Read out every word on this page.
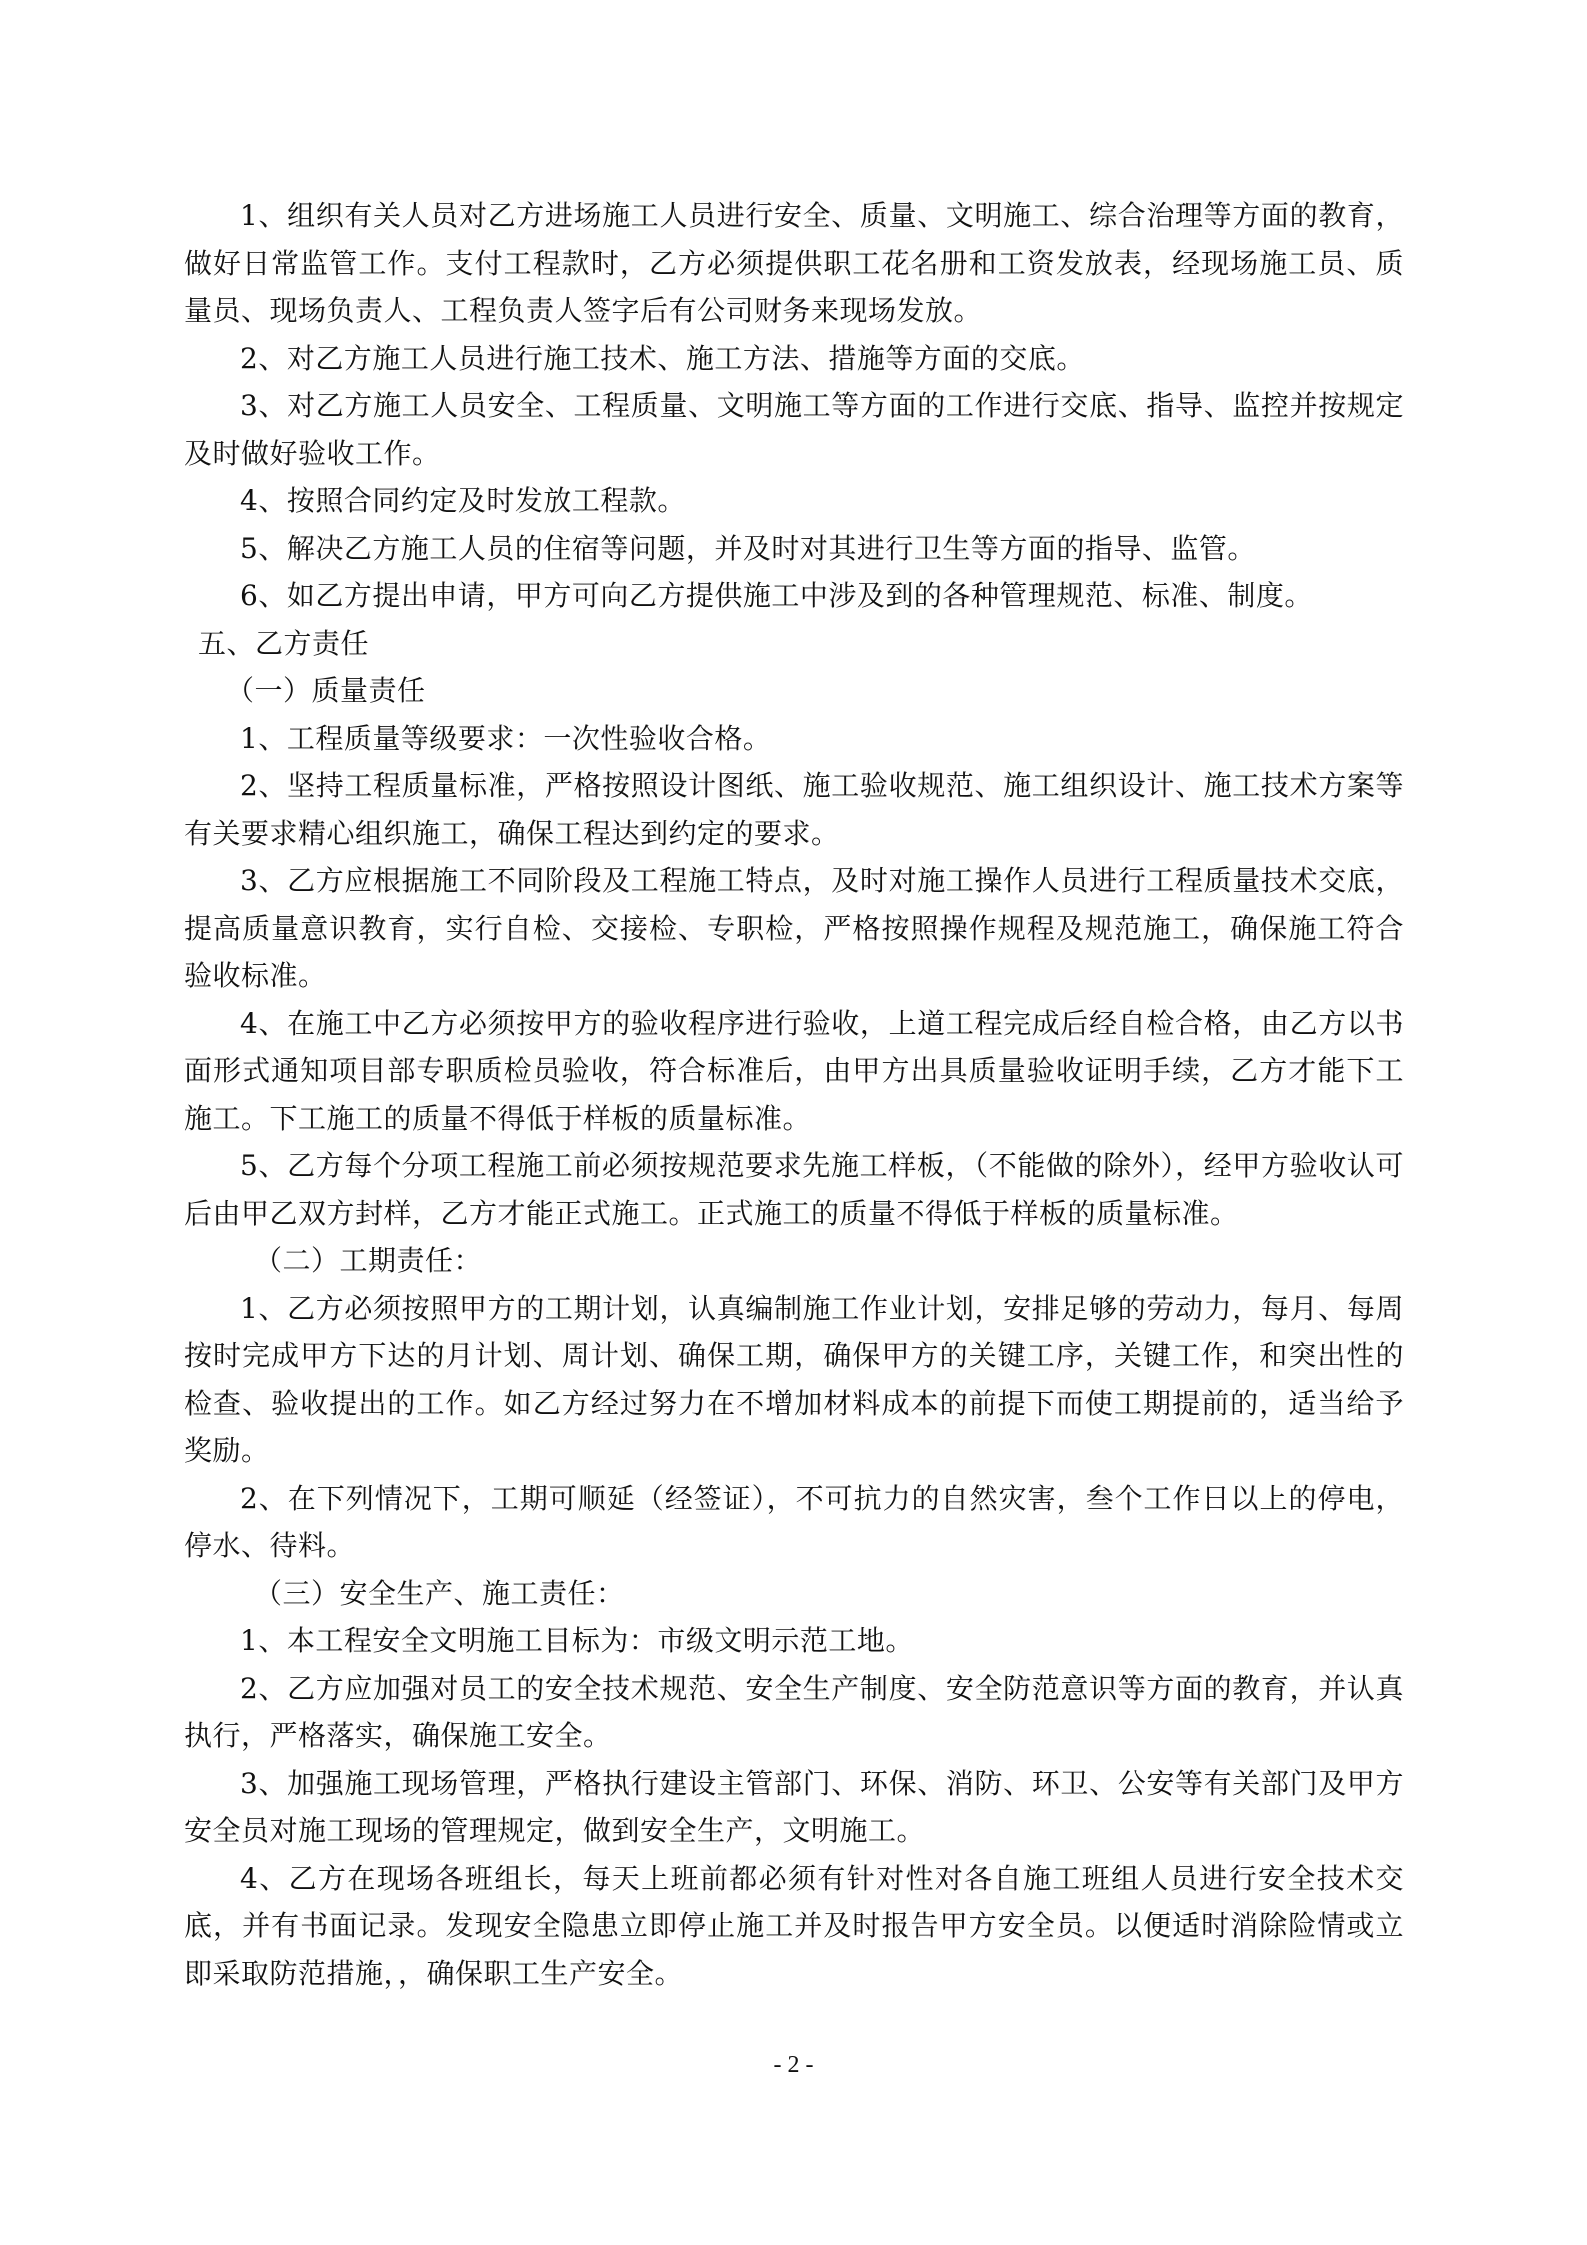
1、组织有关人员对乙方进场施工人员进行安全、质量、文明施工、综合治理等方面的教育，做好日常监管工作。支付工程款时，乙方必须提供职工花名册和工资发放表，经现场施工员、质量员、现场负责人、工程负责人签字后有公司财务来现场发放。

2、对乙方施工人员进行施工技术、施工方法、措施等方面的交底。

3、对乙方施工人员安全、工程质量、文明施工等方面的工作进行交底、指导、监控并按规定及时做好验收工作。

4、按照合同约定及时发放工程款。

5、解决乙方施工人员的住宿等问题，并及时对其进行卫生等方面的指导、监管。

6、如乙方提出申请，甲方可向乙方提供施工中涉及到的各种管理规范、标准、制度。

五、乙方责任

（一）质量责任

1、工程质量等级要求：一次性验收合格。

2、坚持工程质量标准，严格按照设计图纸、施工验收规范、施工组织设计、施工技术方案等有关要求精心组织施工，确保工程达到约定的要求。

3、乙方应根据施工不同阶段及工程施工特点，及时对施工操作人员进行工程质量技术交底，提高质量意识教育，实行自检、交接检、专职检，严格按照操作规程及规范施工，确保施工符合验收标准。

4、在施工中乙方必须按甲方的验收程序进行验收，上道工程完成后经自检合格，由乙方以书面形式通知项目部专职质检员验收，符合标准后，由甲方出具质量验收证明手续，乙方才能下工施工。下工施工的质量不得低于样板的质量标准。

5、乙方每个分项工程施工前必须按规范要求先施工样板，（不能做的除外），经甲方验收认可后由甲乙双方封样，乙方才能正式施工。正式施工的质量不得低于样板的质量标准。

（二）工期责任：

1、乙方必须按照甲方的工期计划，认真编制施工作业计划，安排足够的劳动力，每月、每周按时完成甲方下达的月计划、周计划、确保工期，确保甲方的关键工序，关键工作，和突出性的检查、验收提出的工作。如乙方经过努力在不增加材料成本的前提下而使工期提前的，适当给予奖励。

2、在下列情况下，工期可顺延（经签证），不可抗力的自然灾害，叁个工作日以上的停电，停水、待料。

（三）安全生产、施工责任：

1、本工程安全文明施工目标为：市级文明示范工地。

2、乙方应加强对员工的安全技术规范、安全生产制度、安全防范意识等方面的教育，并认真执行，严格落实，确保施工安全。

3、加强施工现场管理，严格执行建设主管部门、环保、消防、环卫、公安等有关部门及甲方安全员对施工现场的管理规定，做到安全生产，文明施工。

4、乙方在现场各班组长，每天上班前都必须有针对性对各自施工班组人员进行安全技术交底，并有书面记录。发现安全隐患立即停止施工并及时报告甲方安全员。以便适时消除险情或立即采取防范措施，，确保职工生产安全。

- 2 -
